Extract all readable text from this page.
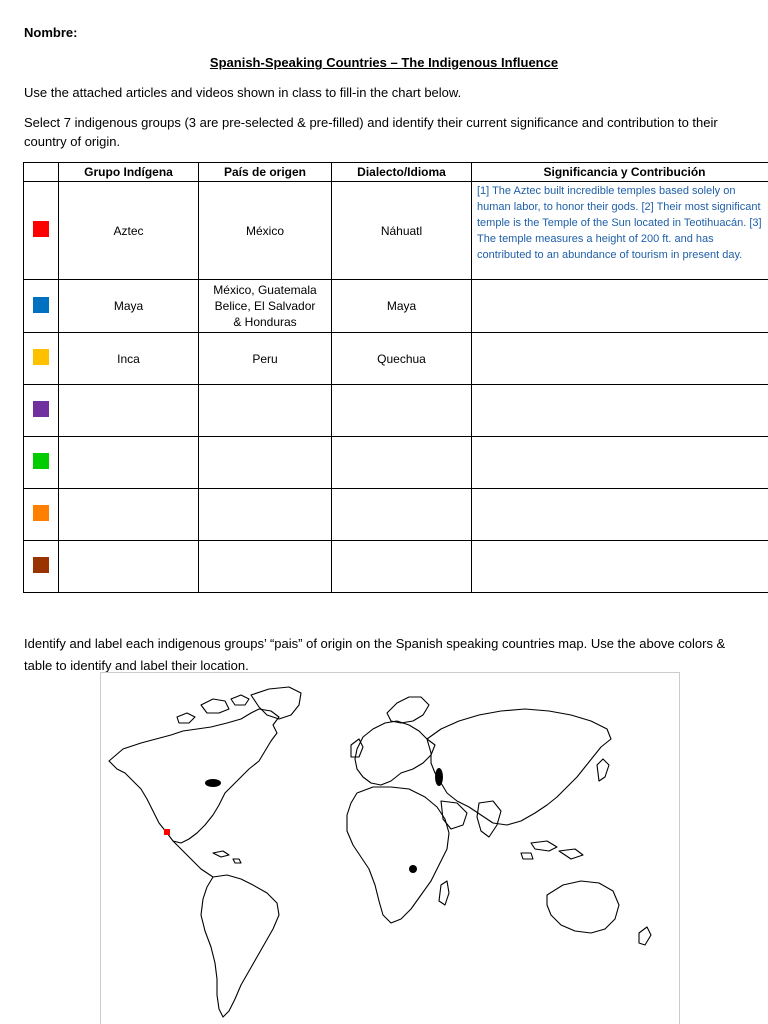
Nombre:
Spanish-Speaking Countries – The Indigenous Influence
Use the attached articles and videos shown in class to fill-in the chart below.
Select 7 indigenous groups (3 are pre-selected & pre-filled) and identify their current significance and contribution to their country of origin.
	Grupo Indígena	País de origen	Dialecto/Idioma	Significancia y Contribución

	Aztec	México	Náhuatl	[1] The Aztec built incredible temples based solely on human labor, to honor their gods. [2] Their most significant temple is the Temple of the Sun located in Teotihuacán. [3] The temple measures a height of 200 ft. and has contributed to an abundance of tourism in present day.

	Maya	México, Guatemala Belice, El Salvador & Honduras	Maya	

	Inca	Peru	Quechua	

Identify and label each indigenous groups’ “pais” of origin on the Spanish speaking countries map. Use the above colors & table to identify and label their location.
